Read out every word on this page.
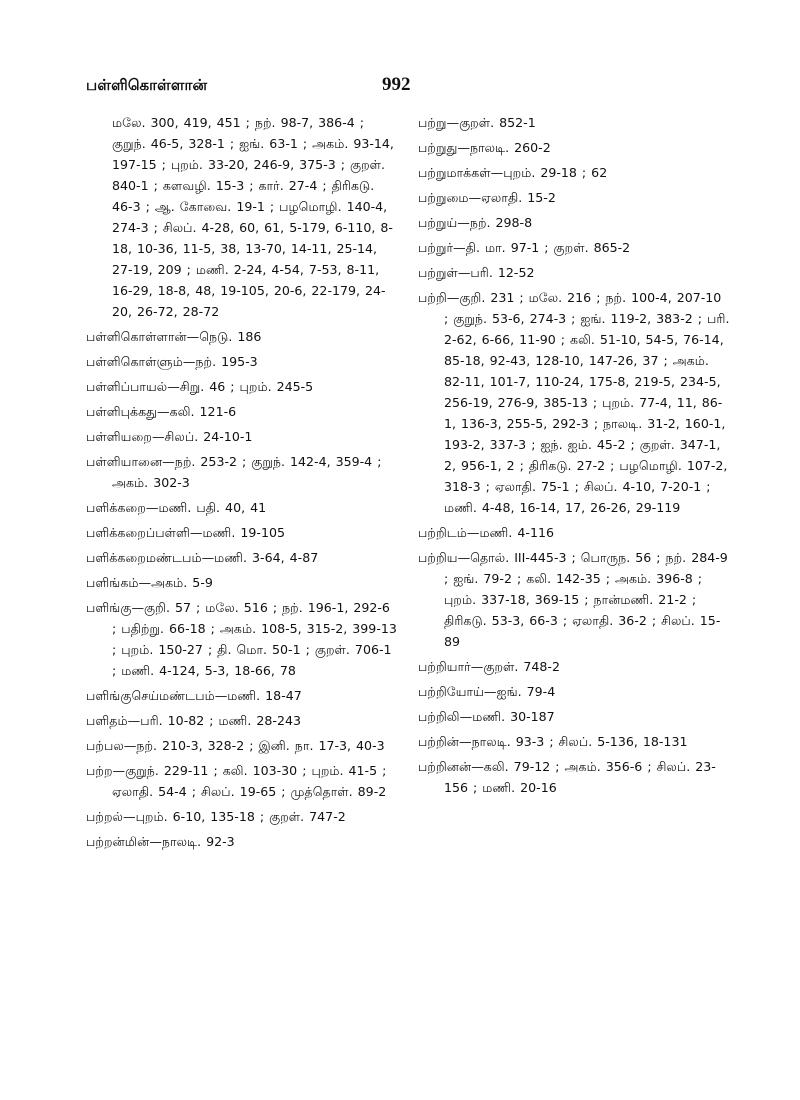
பள்ளிகொள்ளான்	992

மலே. 300, 419, 451 ; நற். 98-7, 386-4 ; குறுந். 46-5, 328-1 ; ஐங். 63-1 ; அகம். 93-14, 197-15 ; புறம். 33-20, 246-9, 375-3 ; குறள். 840-1 ; களவழி. 15-3 ; கார். 27-4 ; திரிகடு. 46-3 ; ஆ. கோவை. 19-1 ; பழமொழி. 140-4, 274-3 ; சிலப். 4-28, 60, 61, 5-179, 6-110, 8-18, 10-36, 11-5, 38, 13-70, 14-11, 25-14, 27-19, 209 ; மணி. 2-24, 4-54, 7-53, 8-11, 16-29, 18-8, 48, 19-105, 20-6, 22-179, 24-20, 26-72, 28-72

பள்ளிகொள்ளான்—நெடு. 186

பள்ளிகொள்ளும்—நற். 195-3

பள்ளிப்பாயல்—சிறு. 46 ; புறம். 245-5

பள்ளிபுக்கது—கலி. 121-6

பள்ளியறை—சிலப். 24-10-1

பள்ளியானை—நற். 253-2 ; குறுந். 142-4, 359-4 ; அகம். 302-3

பளிக்கறை—மணி. பதி. 40, 41

பளிக்கறைப்பள்ளி—மணி. 19-105

பளிக்கறைமண்டபம்—மணி. 3-64, 4-87

பளிங்கம்—அகம். 5-9

பளிங்கு—குறி. 57 ; மலே. 516 ; நற். 196-1, 292-6 ; பதிற்று. 66-18 ; அகம். 108-5, 315-2, 399-13 ; புறம். 150-27 ; தி. மொ. 50-1 ; குறள். 706-1 ; மணி. 4-124, 5-3, 18-66, 78

பளிங்குசெய்மண்டபம்—மணி. 18-47

பளிதம்—பரி. 10-82 ; மணி. 28-243

பற்பல—நற். 210-3, 328-2 ; இனி. நா. 17-3, 40-3

பற்ற—குறுந். 229-11 ; கலி. 103-30 ; புறம். 41-5 ; ஏலாதி. 54-4 ; சிலப். 19-65 ; முத்தொள். 89-2

பற்றல்—புறம். 6-10, 135-18 ; குறள். 747-2

பற்றன்மின்—நாலடி. 92-3

பற்று—குறள். 852-1

பற்றுது—நாலடி. 260-2

பற்றுமாக்கள்—புறம். 29-18 ; 62

பற்றுமை—ஏலாதி. 15-2

பற்றுய்—நற். 298-8

பற்றுர்—தி. மா. 97-1 ; குறள். 865-2

பற்றுள்—பரி. 12-52

பற்றி—குறி. 231 ; மலே. 216 ; நற். 100-4, 207-10 ; குறுந். 53-6, 274-3 ; ஐங். 119-2, 383-2 ; பரி. 2-62, 6-66, 11-90 ; கலி. 51-10, 54-5, 76-14, 85-18, 92-43, 128-10, 147-26, 37 ; அகம். 82-11, 101-7, 110-24, 175-8, 219-5, 234-5, 256-19, 276-9, 385-13 ; புறம். 77-4, 11, 86-1, 136-3, 255-5, 292-3 ; நாலடி. 31-2, 160-1, 193-2, 337-3 ; ஐந். ஐம். 45-2 ; குறள். 347-1, 2, 956-1, 2 ; திரிகடு. 27-2 ; பழமொழி. 107-2, 318-3 ; ஏலாதி. 75-1 ; சிலப். 4-10, 7-20-1 ; மணி. 4-48, 16-14, 17, 26-26, 29-119

பற்றிடம்—மணி. 4-116

பற்றிய—தொல். III-445-3 ; பொருந. 56 ; நற். 284-9 ; ஐங். 79-2 ; கலி. 142-35 ; அகம். 396-8 ; புறம். 337-18, 369-15 ; நான்மணி. 21-2 ; திரிகடு. 53-3, 66-3 ; ஏலாதி. 36-2 ; சிலப். 15-89

பற்றியார்—குறள். 748-2

பற்றியோய்—ஐங். 79-4

பற்றிலி—மணி. 30-187

பற்றின்—நாலடி. 93-3 ; சிலப். 5-136, 18-131

பற்றினன்—கலி. 79-12 ; அகம். 356-6 ; சிலப். 23-156 ; மணி. 20-16
